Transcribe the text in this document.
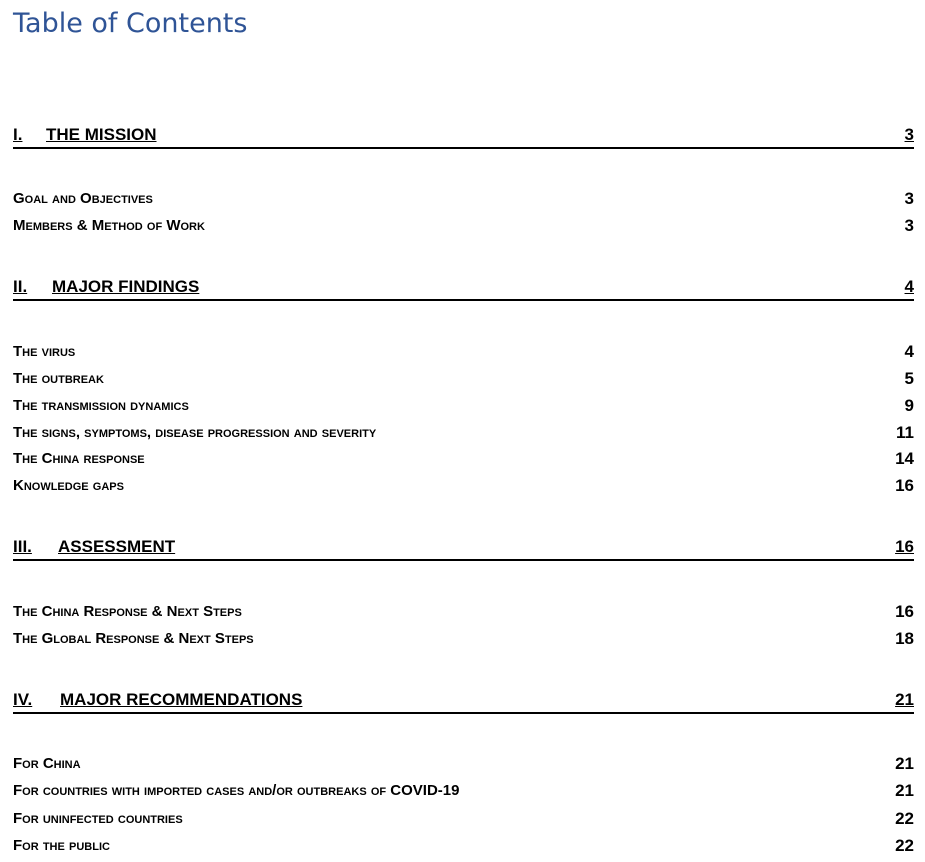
Table of Contents
I. THE MISSION	3
Goal and Objectives	3
Members & Method of Work	3
II. MAJOR FINDINGS	4
The virus	4
The outbreak	5
The transmission dynamics	9
The signs, symptoms, disease progression and severity	11
The China response	14
Knowledge gaps	16
III. ASSESSMENT	16
The China Response & Next Steps	16
The Global Response & Next Steps	18
IV. MAJOR RECOMMENDATIONS	21
For China	21
For countries with imported cases and/or outbreaks of COVID-19	21
For uninfected countries	22
For the public	22
